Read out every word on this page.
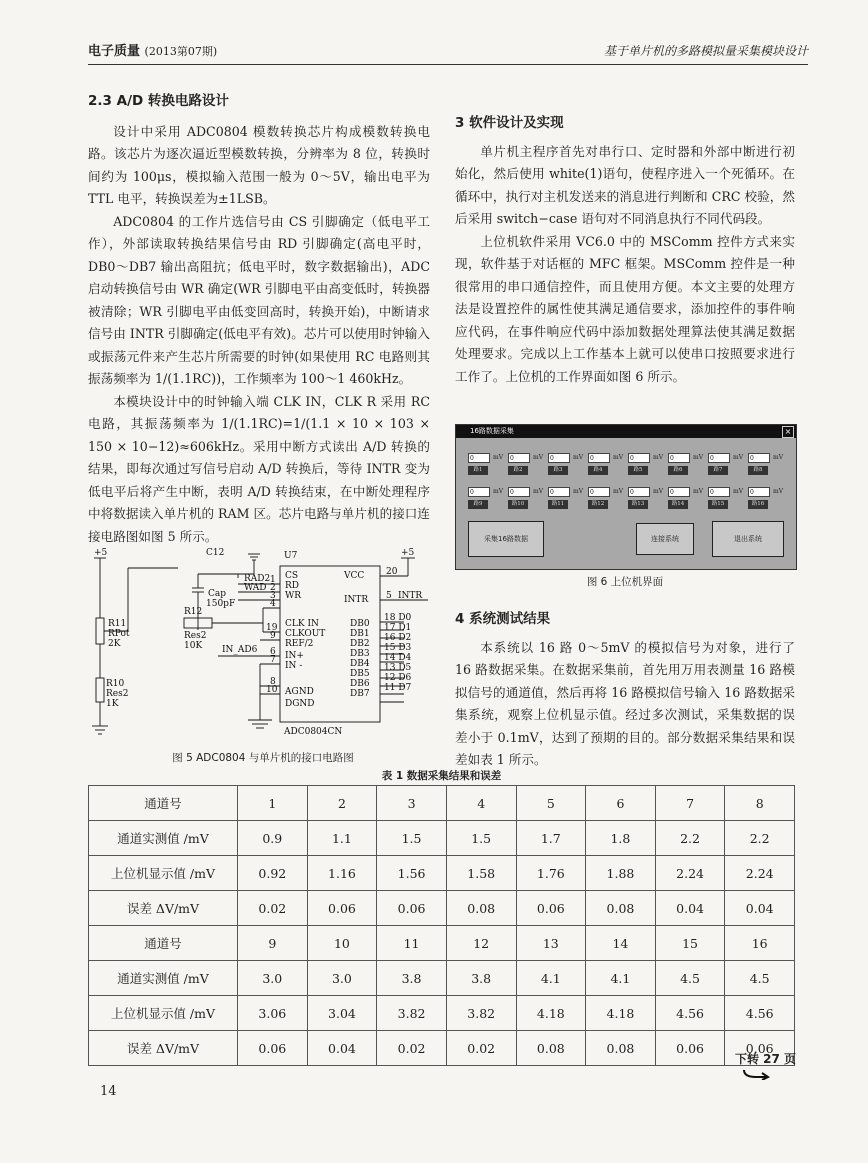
电子质量 (2013第07期)	基于单片机的多路模拟量采集模块设计
2.3 A/D 转换电路设计

设计中采用 ADC0804 模数转换芯片构成模数转换电路。该芯片为逐次逼近型模数转换，分辨率为 8 位，转换时间约为 100μs，模拟输入范围一般为 0～5V，输出电平为 TTL 电平，转换误差为±1LSB。

ADC0804 的工作片选信号由 CS 引脚确定（低电平工作），外部读取转换结果信号由 RD 引脚确定(高电平时，DB0～DB7 输出高阻抗；低电平时，数字数据输出)，ADC 启动转换信号由 WR 确定(WR 引脚电平由高变低时，转换器被清除；WR 引脚电平由低变回高时，转换开始)，中断请求信号由 INTR 引脚确定(低电平有效)。芯片可以使用时钟输入或振荡元件来产生芯片所需要的时钟(如果使用 RC 电路则其振荡频率为 1/(1.1RC))，工作频率为 100～1 460kHz。

本模块设计中的时钟输入端 CLK IN，CLK R 采用 RC 电路，其振荡频率为 1/(1.1RC)=1/(1.1 × 10 × 103 × 150 × 10−12)≈606kHz。采用中断方式读出 A/D 转换的结果，即每次通过写信号启动 A/D 转换后，等待 INTR 变为低电平后将产生中断，表明 A/D 转换结束，在中断处理程序中将数据读入单片机的 RAM 区。芯片电路与单片机的接口连接电路图如图 5 所示。

+5	C12	U7	+5
20
RAD2
WAD
Cap
150pF
R12
Res2
10K
R11
RPot
2K
R10
Res2
1K
IN_AD6
1
2
3
4
19
9
6
7
8
10
CS
RD
WR
CLK IN
CLKOUT
REF/2
IN+
IN -
AGND
DGND
VCC
INTR 5 INTR
DB0
DB1
DB2
DB3
DB4
DB5
DB6
DB7
18 D0
17 D1
16 D2
15 D3
14 D4
13 D5
12 D6
11 D7
ADC0804CN
图 5 ADC0804 与单片机的接口电路图
3 软件设计及实现

单片机主程序首先对串行口、定时器和外部中断进行初始化，然后使用 white(1)语句，使程序进入一个死循环。在循环中，执行对主机发送来的消息进行判断和 CRC 校验，然后采用 switch−case 语句对不同消息执行不同代码段。

上位机软件采用 VC6.0 中的 MSComm 控件方式来实现，软件基于对话框的 MFC 框架。MSComm 控件是一种很常用的串口通信控件，而且使用方便。本文主要的处理方法是设置控件的属性使其满足通信要求，添加控件的事件响应代码，在事件响应代码中添加数据处理算法使其满足数据处理要求。完成以上工作基本上就可以使串口按照要求进行工作了。上位机的工作界面如图 6 所示。

16路数据采集	×
0	mV
路1
0	mV
路2
0	mV
路3
0	mV
路4
0	mV
路5
0	mV
路6
0	mV
路7
0	mV
路8
0	mV
路9
0	mV
路10
0	mV
路11
0	mV
路12
0	mV
路13
0	mV
路14
0	mV
路15
0	mV
路16
采集16路数据	连接系统	退出系统
图 6 上位机界面
4 系统测试结果

本系统以 16 路 0～5mV 的模拟信号为对象，进行了 16 路数据采集。在数据采集前，首先用万用表测量 16 路模拟信号的通道值，然后再将 16 路模拟信号输入 16 路数据采集系统，观察上位机显示值。经过多次测试，采集数据的误差小于 0.1mV，达到了预期的目的。部分数据采集结果和误差如表 1 所示。

表 1 数据采集结果和误差
通道号	1	2	3	4	5	6	7	8
通道实测值 /mV	0.9	1.1	1.5	1.5	1.7	1.8	2.2	2.2
上位机显示值 /mV	0.92	1.16	1.56	1.58	1.76	1.88	2.24	2.24
误差 ΔV/mV	0.02	0.06	0.06	0.08	0.06	0.08	0.04	0.04
通道号	9	10	11	12	13	14	15	16
通道实测值 /mV	3.0	3.0	3.8	3.8	4.1	4.1	4.5	4.5
上位机显示值 /mV	3.06	3.04	3.82	3.82	4.18	4.18	4.56	4.56
误差 ΔV/mV	0.06	0.04	0.02	0.02	0.08	0.08	0.06	0.06
下转 27 页
14
